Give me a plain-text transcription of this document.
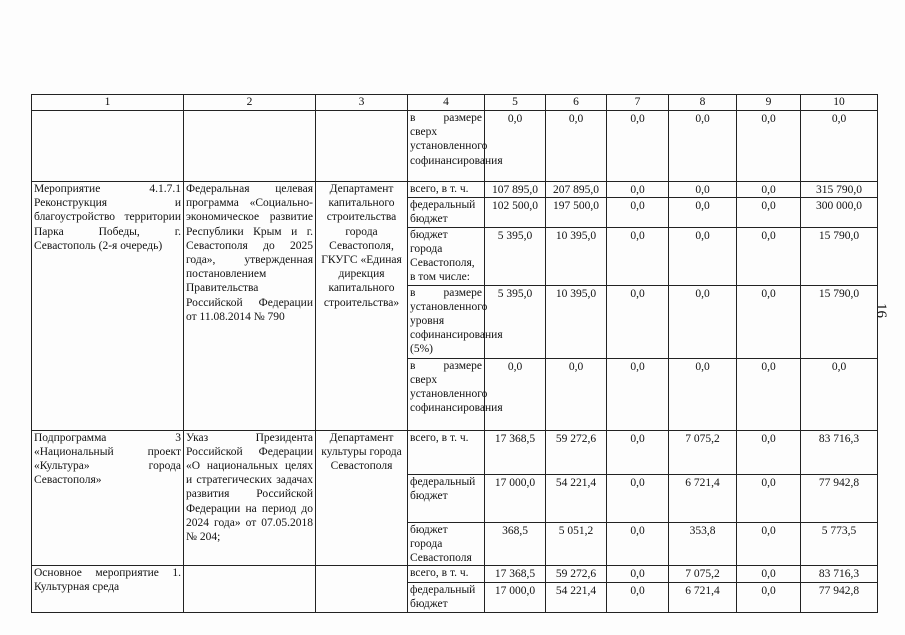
16
1	2	3	4	5	6	7	8	9	10
			в размере сверх установленного софинансирования	0,0	0,0	0,0	0,0	0,0	0,0
Мероприятие 4.1.7.1 Реконструкция и благоустройство территории Парка Победы, г. Севастополь (2-я очередь)	Федеральная целевая программа «Социально-экономическое развитие Республики Крым и г. Севастополя до 2025 года», утвержденная постановлением Правительства Российской Федерации от 11.08.2014 № 790	Департамент капитального строительства города Севастополя, ГКУГС «Единая дирекция капитального строительства»	всего, в т. ч.	107 895,0	207 895,0	0,0	0,0	0,0	315 790,0
			федеральный бюджет	102 500,0	197 500,0	0,0	0,0	0,0	300 000,0
			бюджет города Севастополя, в том числе:	5 395,0	10 395,0	0,0	0,0	0,0	15 790,0
			в размере установленного уровня софинансирования (5%)	5 395,0	10 395,0	0,0	0,0	0,0	15 790,0
			в размере сверх установленного софинансирования	0,0	0,0	0,0	0,0	0,0	0,0
Подпрограмма 3 «Национальный проект «Культура» города Севастополя»	Указ Президента Российской Федерации «О национальных целях и стратегических задачах развития Российской Федерации на период до 2024 года» от 07.05.2018 № 204;	Департамент культуры города Севастополя	всего, в т. ч.	17 368,5	59 272,6	0,0	7 075,2	0,0	83 716,3
			федеральный бюджет	17 000,0	54 221,4	0,0	6 721,4	0,0	77 942,8
			бюджет города Севастополя	368,5	5 051,2	0,0	353,8	0,0	5 773,5
Основное мероприятие 1. Культурная среда			всего, в т. ч.	17 368,5	59 272,6	0,0	7 075,2	0,0	83 716,3
			федеральный бюджет	17 000,0	54 221,4	0,0	6 721,4	0,0	77 942,8
